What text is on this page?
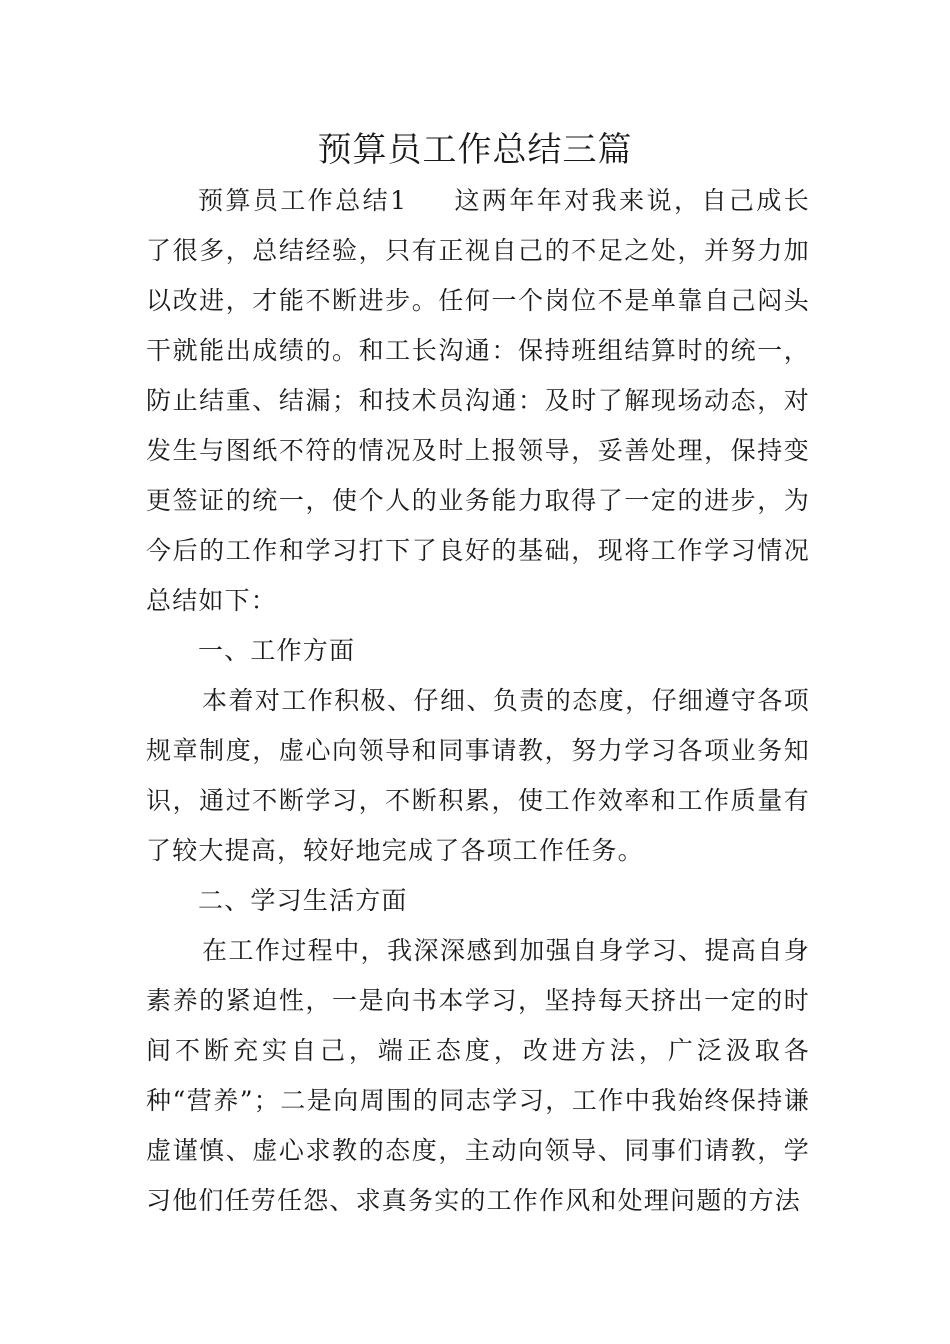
预算员工作总结三篇

预算员工作总结1 这两年年对我来说，自己成长了很多，总结经验，只有正视自己的不足之处，并努力加以改进，才能不断进步。任何一个岗位不是单靠自己闷头干就能出成绩的。和工长沟通：保持班组结算时的统一，防止结重、结漏；和技术员沟通：及时了解现场动态，对发生与图纸不符的情况及时上报领导，妥善处理，保持变更签证的统一，使个人的业务能力取得了一定的进步，为今后的工作和学习打下了良好的基础，现将工作学习情况总结如下：

一、工作方面

本着对工作积极、仔细、负责的态度，仔细遵守各项规章制度，虚心向领导和同事请教，努力学习各项业务知识，通过不断学习，不断积累，使工作效率和工作质量有了较大提高，较好地完成了各项工作任务。

二、学习生活方面

在工作过程中，我深深感到加强自身学习、提高自身素养的紧迫性，一是向书本学习，坚持每天挤出一定的时间不断充实自己，端正态度，改进方法，广泛汲取各种“营养”；二是向周围的同志学习，工作中我始终保持谦虚谨慎、虚心求教的态度，主动向领导、同事们请教，学习他们任劳任怨、求真务实的工作作风和处理问题的方法
